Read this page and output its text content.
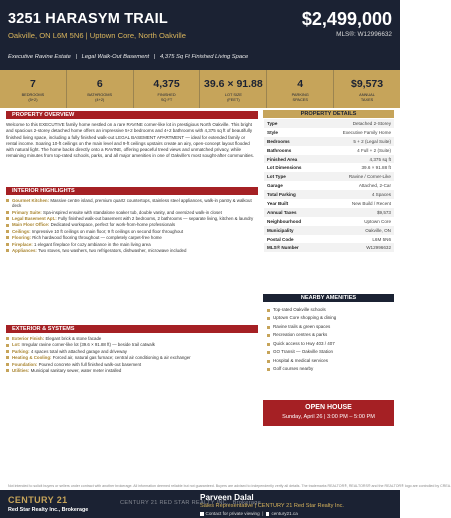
3251 HARASYM TRAIL
Oakville, ON L6M 5N6 | Uptown Core, North Oakville
$2,499,000
MLS®: W12996632
Executive Ravine Estate | Legal Walk-Out Basement | 4,375 Sq Ft Finished Living Space
7
BEDROOMS
(5+2)
6
BATHROOMS
(4+2)
4,375
FINISHED
SQ FT
39.6 × 91.88
LOT SIZE
(FEET)
4
PARKING
SPACES
$9,573
ANNUAL
TAXES
PROPERTY OVERVIEW
Welcome to this EXECUTIVE family home nestled on a rare RAVINE corner-like lot in prestigious North Oakville. This bright and spacious 2-storey detached home offers an impressive 5+2 bedrooms and 4+2 bathrooms with 4,375 sq ft of beautifully finished living space, including a fully finished walk-out LEGAL BASEMENT APARTMENT — ideal for extended family or rental income. Soaring 10-ft ceilings on the main level and 9-ft ceilings upstairs create an airy, open-concept layout flooded with natural light. The home backs directly onto a RAVINE, offering peaceful treed views and unmatched privacy, while remaining minutes from top-rated schools, parks, and all major amenities in one of Oakville's most sought-after communities.
INTERIOR HIGHLIGHTS
Gourmet Kitchen: Massive centre island, premium quartz countertops, stainless steel appliances, walk-in pantry & walkout deck
Primary Suite: Spa-inspired ensuite with standalone soaker tub, double vanity, and oversized walk-in closet
Legal Basement Apt.: Fully finished walk-out basement with 2 bedrooms, 2 bathrooms — separate living, kitchen & laundry
Main Floor Office: Dedicated workspace, perfect for work-from-home professionals
Ceilings: Impressive 10 ft ceilings on main floor; 9 ft ceilings on second floor throughout
Flooring: Rich hardwood flooring throughout — completely carpet-free home
Fireplace: 1 elegant fireplace for cozy ambiance in the main living area
Appliances: Two stoves, two washers, two refrigerators, dishwasher, microwave included
EXTERIOR & SYSTEMS
Exterior Finish: Elegant brick & stone facade
Lot: Irregular ravine corner-like lot (39.6 × 91.88 ft) — beside trail catwalk
Parking: 4 spaces total with attached garage and driveway
Heating & Cooling: Forced air, natural gas furnace; central air conditioning & air exchanger
Foundation: Poured concrete with full finished walk-out basement
Utilities: Municipal sanitary sewer, water meter installed
PROPERTY DETAILS
Type	Detached 2-Storey
Style	Executive Family Home
Bedrooms	5 + 2 (Legal Suite)
Bathrooms	4 Full + 2 (Suite)
Finished Area	4,375 sq ft
Lot Dimensions	39.6 × 91.88 ft
Lot Type	Ravine / Corner-Like
Garage	Attached, 2-Car
Total Parking	4 Spaces
Year Built	New Build / Recent
Annual Taxes	$9,573
Neighbourhood	Uptown Core
Municipality	Oakville, ON
Postal Code	L6M 5N6
MLS® Number	W12996632
NEARBY AMENITIES
Top-rated Oakville schools
Uptown Core shopping & dining
Ravine trails & green spaces
Recreation centres & parks
Quick access to Hwy 403 / 407
GO Transit — Oakville Station
Hospital & medical services
Golf courses nearby
OPEN HOUSE
Sunday, April 26 | 3:00 PM – 5:00 PM
Not intended to solicit buyers or sellers under contract with another brokerage. All information deemed reliable but not guaranteed. Buyers are advised to independently verify all details. The trademarks REALTOR®, REALTORS® and the REALTOR® logo are controlled by CREA.
CENTURY 21
Red Star Realty Inc., Brokerage
CENTURY 21 RED STAR REALTY INC., Brokerage
Parveen Dalal
Sales Representative | CENTURY 21 Red Star Realty Inc.
Contact for private viewing  |  century21.ca
